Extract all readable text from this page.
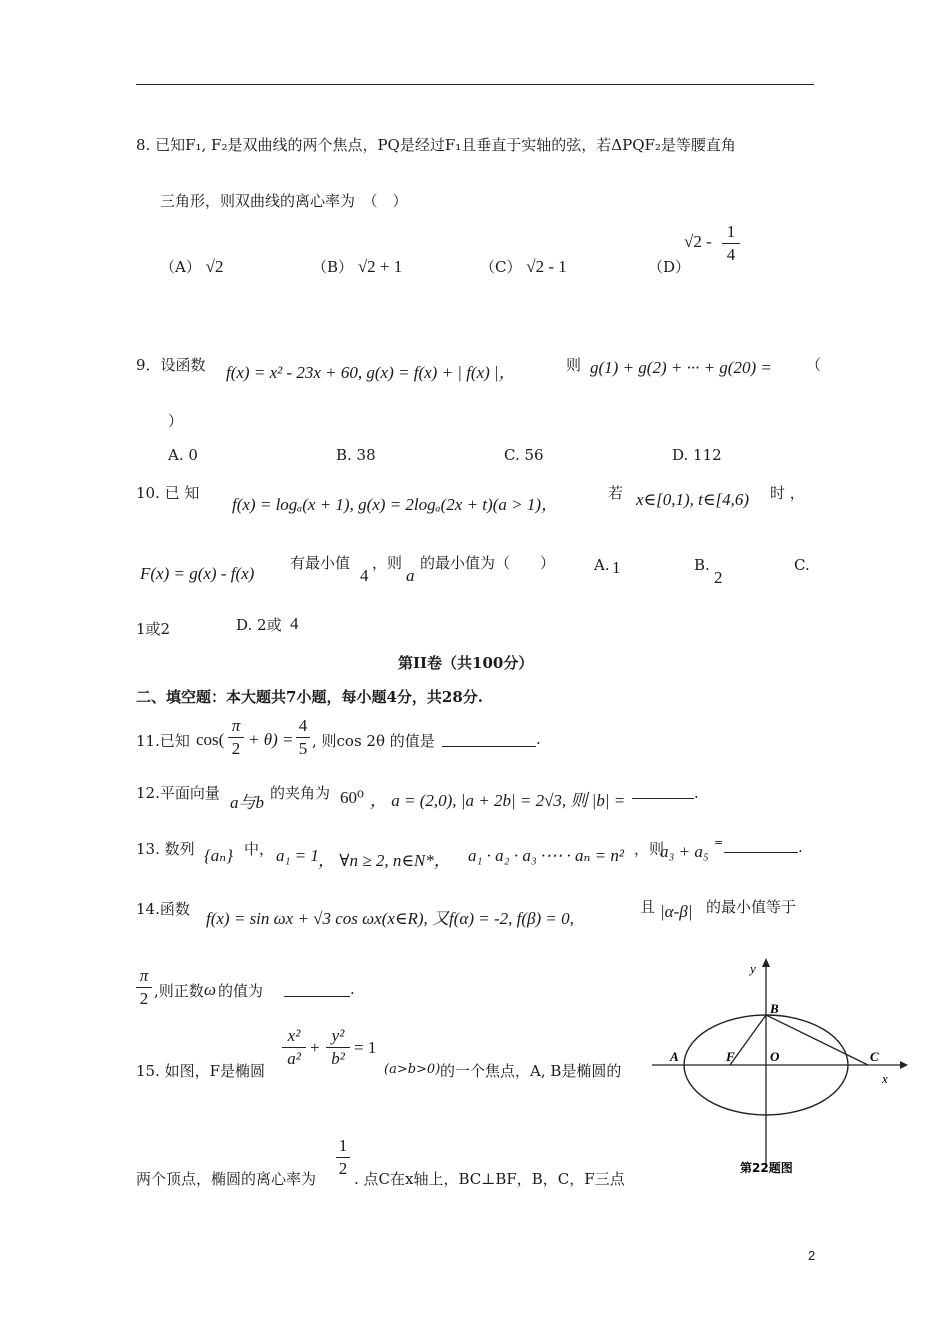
8. 已知F₁, F₂是双曲线的两个焦点，PQ是经过F₁且垂直于实轴的弦，若ΔPQF₂是等腰直角
三角形，则双曲线的离心率为　（　）
（A） √2	（B） √2 + 1	（C） √2 - 1	（D）
√2 -
1
4
9．设函数 f(x) = x² - 23x + 60, g(x) = f(x) + | f(x) |，	则 g(1) + g(2) + ··· + g(20) = （
）
A. 0	B. 38	C. 56	D. 112
10. 已 知
f(x) = logₐ(x + 1), g(x) = 2logₐ(2x + t)(a > 1)，
若 x∈[0,1), t∈[4,6) 时 ，
F(x) = g(x) - f(x)
有最小值
4
，则
a
的最小值为（　　）	A. 1	B.
2
C.
1或2	D. 2或 4
第II卷（共100分）
二、填空题：本大题共7小题，每小题4分，共28分.
11.已知 cos(
π
2 + θ) =
4
5 , 则cos 2θ 的值是	.
12.平面向量 a与b 的夹角为 60⁰ ， a = (2,0), |a + 2b| = 2√3, 则 |b| =	.
13. 数列 {aₙ} 中， a₁ = 1 ， ∀n ≥ 2, n∈N*， a₁ · a₂ · a₃ ·⋯ · aₙ = n² ，则
a₃ + a₅ =	.
14.函数 f(x) = sin ωx + √3 cos ωx(x∈R), 又f(α) = -2, f(β) = 0,
且 |α-β| 的最小值等于
π
2 ,则正数 ω 的值为	.
15. 如图，F是椭圆
x²
a²
+
y²
b²
= 1
(a>b>0) 的一个焦点，A, B是椭圆的
两个顶点，椭圆的离心率为
1
2
. 点C在x轴上，BC⊥BF，B，C，F三点
y
x
A
B
C
F	O
第22题图
2
